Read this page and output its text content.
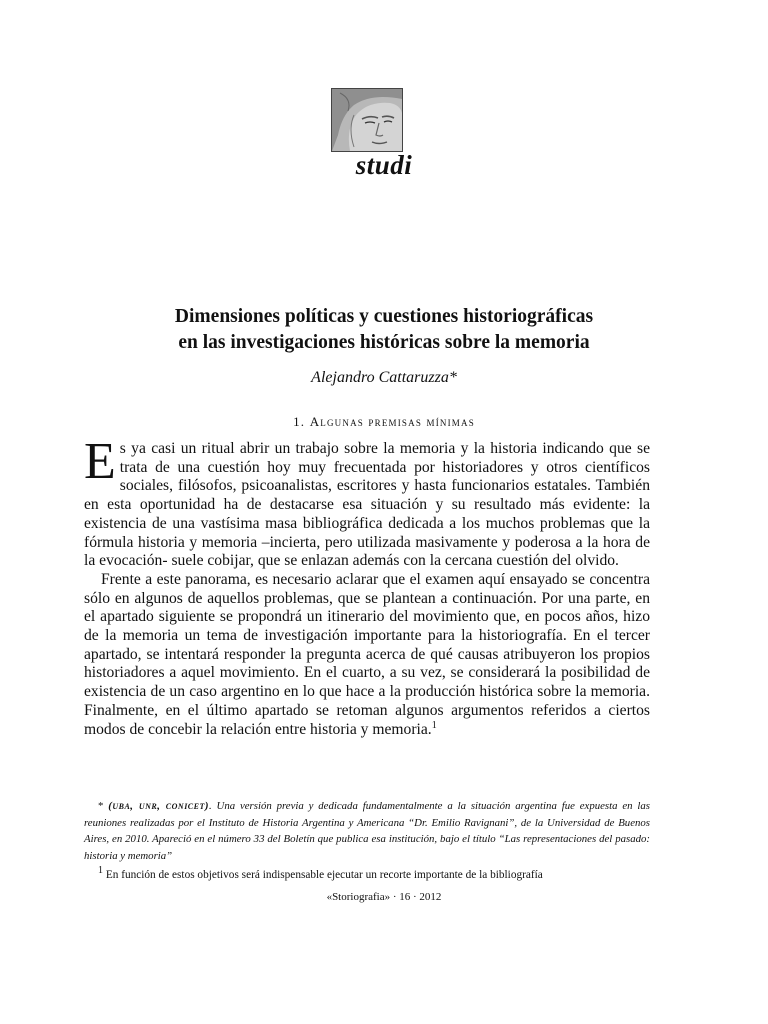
studi
Dimensiones políticas y cuestiones historiográficas
en las investigaciones históricas sobre la memoria
Alejandro Cattaruzza*
1. Algunas premisas mínimas

Es ya casi un ritual abrir un trabajo sobre la memoria y la historia indicando que se trata de una cuestión hoy muy frecuentada por historiadores y otros científicos sociales, filósofos, psicoanalistas, escritores y hasta funcionarios estatales. También en esta oportunidad ha de destacarse esa situación y su resultado más evidente: la existencia de una vastísima masa bibliográfica dedicada a los muchos problemas que la fórmula historia y memoria –incierta, pero utilizada masivamente y poderosa a la hora de la evocación- suele cobijar, que se enlazan además con la cercana cuestión del olvido.

Frente a este panorama, es necesario aclarar que el examen aquí ensayado se concentra sólo en algunos de aquellos problemas, que se plantean a continuación. Por una parte, en el apartado siguiente se propondrá un itinerario del movimiento que, en pocos años, hizo de la memoria un tema de investigación importante para la historiografía. En el tercer apartado, se intentará responder la pregunta acerca de qué causas atribuyeron los propios historiadores a aquel movimiento. En el cuarto, a su vez, se considerará la posibilidad de existencia de un caso argentino en lo que hace a la producción histórica sobre la memoria. Finalmente, en el último apartado se retoman algunos argumentos referidos a ciertos modos de concebir la relación entre historia y memoria.$^1$

* (uba, unr, conicet). Una versión previa y dedicada fundamentalmente a la situación argentina fue expuesta en las reuniones realizadas por el Instituto de Historia Argentina y Americana “Dr. Emilio Ravignani”, de la Universidad de Buenos Aires, en 2010. Apareció en el número 33 del Boletín que publica esa institución, bajo el título “Las representaciones del pasado: historia y memoria”

$^1$ En función de estos objetivos será indispensable ejecutar un recorte importante de la bibliografía

«Storiografia» · 16 · 2012
